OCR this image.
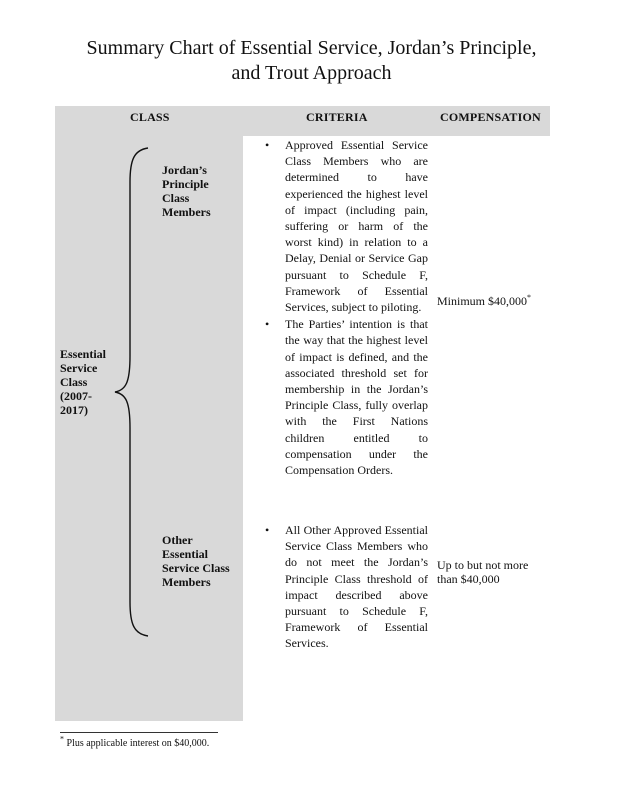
Summary Chart of Essential Service, Jordan’s Principle,
and Trout Approach
CLASS	CRITERIA	COMPENSATION
Essential
Service
Class
(2007-
2017)
Jordan’s
Principle
Class
Members
Other
Essential
Service Class
Members

• Approved Essential Service Class Members who are determined to have experienced the highest level of impact (including pain, suffering or harm of the worst kind) in relation to a Delay, Denial or Service Gap pursuant to Schedule F, Framework of Essential Services, subject to piloting.

• The Parties’ intention is that the way that the highest level of impact is defined, and the associated threshold set for membership in the Jordan’s Principle Class, fully overlap with the First Nations children entitled to compensation under the Compensation Orders.

• All Other Approved Essential Service Class Members who do not meet the Jordan’s Principle Class threshold of impact described above pursuant to Schedule F, Framework of Essential Services.

Minimum $40,000*
Up to but not more than $40,000
* Plus applicable interest on $40,000.
